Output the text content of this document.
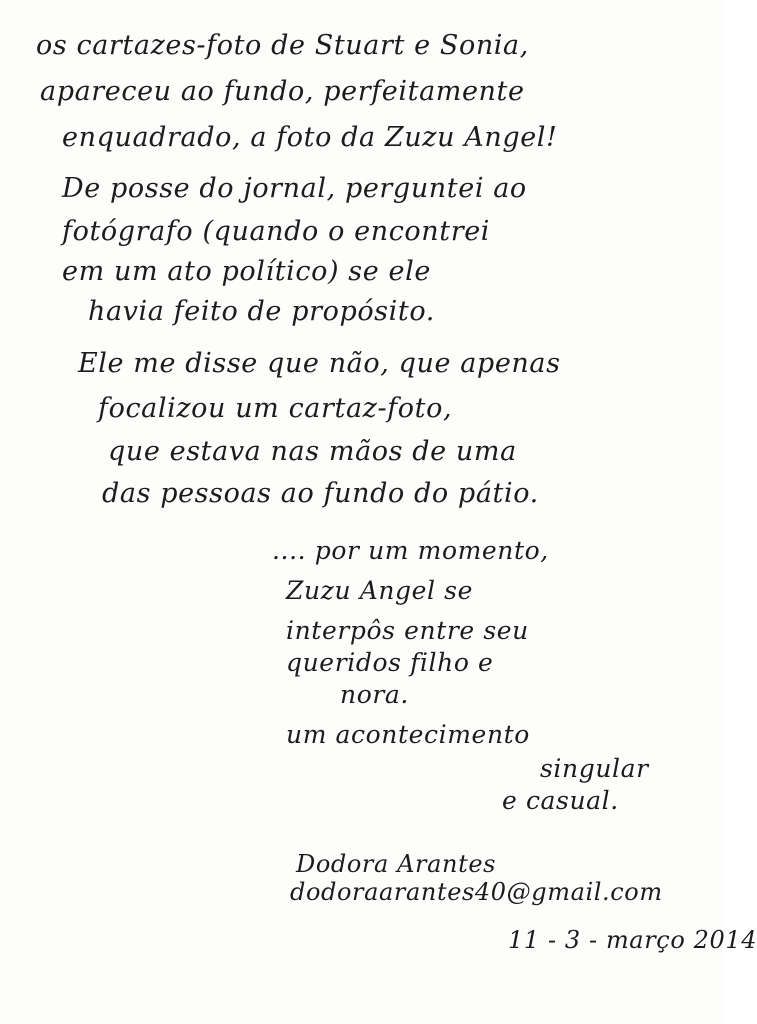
os cartazes-foto de Stuart e Sonia,
apareceu ao fundo, perfeitamente
enquadrado, a foto da Zuzu Angel!
De posse do jornal, perguntei ao
fotógrafo (quando o encontrei
em um ato político) se ele
havia feito de propósito.
Ele me disse que não, que apenas
focalizou um cartaz-foto,
que estava nas mãos de uma
das pessoas ao fundo do pátio.
.... por um momento,
Zuzu Angel se
interpôs entre seu
queridos filho e
nora.
um acontecimento
singular
e casual.
Dodora Arantes
dodoraarantes40@gmail.com
11 - 3 - março 2014
